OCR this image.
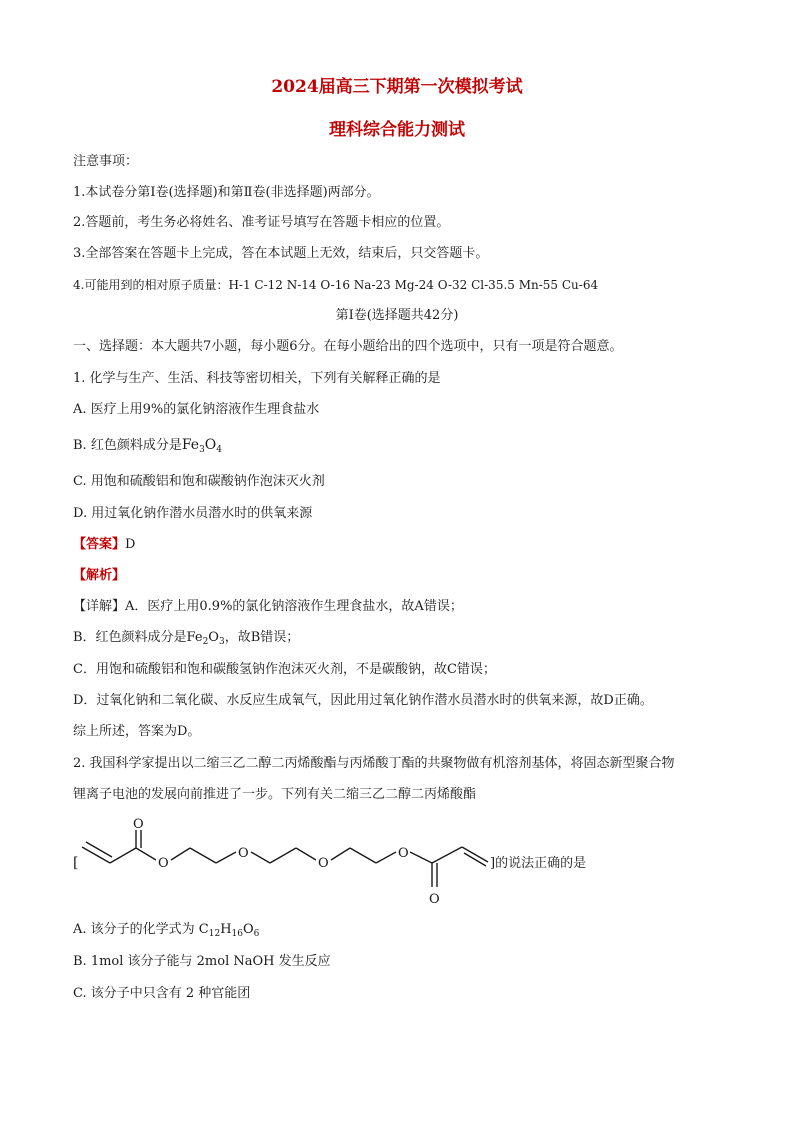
2024届高三下期第一次模拟考试
理科综合能力测试
注意事项：
1.本试卷分第Ⅰ卷(选择题)和第Ⅱ卷(非选择题)两部分。
2.答题前，考生务必将姓名、准考证号填写在答题卡相应的位置。
3.全部答案在答题卡上完成，答在本试题上无效，结束后，只交答题卡。
4.可能用到的相对原子质量：H-1 C-12 N-14 O-16 Na-23 Mg-24 O-32 Cl-35.5 Mn-55 Cu-64
第Ⅰ卷(选择题共42分)
一、选择题：本大题共7小题，每小题6分。在每小题给出的四个选项中，只有一项是符合题意。
1. 化学与生产、生活、科技等密切相关，下列有关解释正确的是
A. 医疗上用9%的氯化钠溶液作生理食盐水
B. 红色颜料成分是$Fe_3O_4$
C. 用饱和硫酸铝和饱和碳酸钠作泡沫灭火剂
D. 用过氧化钠作潜水员潜水时的供氧来源
【答案】D
【解析】
【详解】A．医疗上用0.9%的氯化钠溶液作生理食盐水，故A错误；
B．红色颜料成分是$Fe_2O_3$，故B错误；
C．用饱和硫酸铝和饱和碳酸氢钠作泡沫灭火剂，不是碳酸钠，故C错误；
D．过氧化钠和二氧化碳、水反应生成氧气，因此用过氧化钠作潜水员潜水时的供氧来源，故D正确。
综上所述，答案为D。
2. 我国科学家提出以二缩三乙二醇二丙烯酸酯与丙烯酸丁酯的共聚物做有机溶剂基体，将固态新型聚合物
锂离子电池的发展向前推进了一步。下列有关二缩三乙二醇二丙烯酸酯
[
O
O
O
O
O
O
]的说法正确的是
A. 该分子的化学式为 $C_{12}H_{16}O_6$
B. 1mol 该分子能与 2mol NaOH 发生反应
C. 该分子中只含有 2 种官能团
